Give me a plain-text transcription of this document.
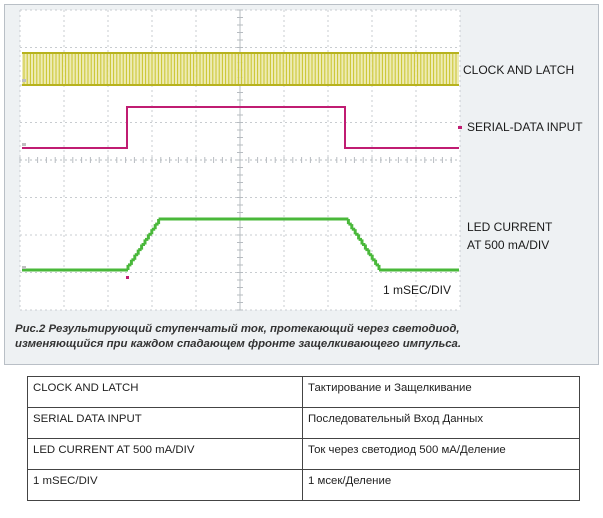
CLOCK AND LATCH
SERIAL-DATA INPUT
LED CURRENT
AT 500 mA/DIV
1 mSEC/DIV
Рис.2 Результирующий ступенчатый ток, протекающий через светодиод,
изменяющийся при каждом спадающем фронте защелкивающего импульса.
CLOCK AND LATCH	Тактирование и Защелкивание
SERIAL DATA INPUT	Последовательный Вход Данных
LED CURRENT AT 500 mA/DIV	Ток через светодиод 500 мА/Деление
1 mSEC/DIV	1 мсек/Деление
